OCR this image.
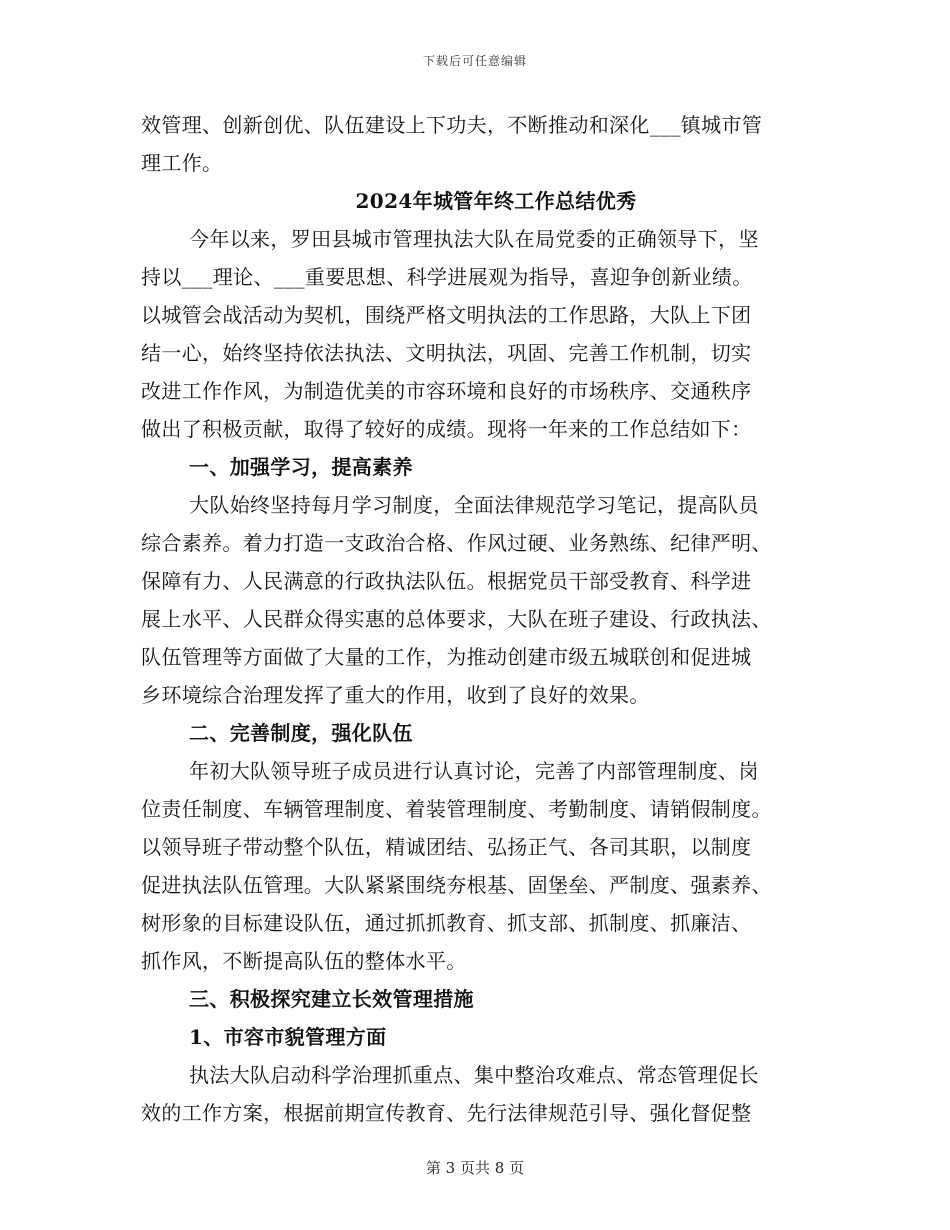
下载后可任意编辑
效管理、创新创优、队伍建设上下功夫，不断推动和深化___镇城市管
理工作。
2024年城管年终工作总结优秀
今年以来，罗田县城市管理执法大队在局党委的正确领导下，坚
持以___理论、___重要思想、科学进展观为指导，喜迎争创新业绩。
以城管会战活动为契机，围绕严格文明执法的工作思路，大队上下团
结一心，始终坚持依法执法、文明执法，巩固、完善工作机制，切实
改进工作作风，为制造优美的市容环境和良好的市场秩序、交通秩序
做出了积极贡献，取得了较好的成绩。现将一年来的工作总结如下：
一、加强学习，提高素养
大队始终坚持每月学习制度，全面法律规范学习笔记，提高队员
综合素养。着力打造一支政治合格、作风过硬、业务熟练、纪律严明、
保障有力、人民满意的行政执法队伍。根据党员干部受教育、科学进
展上水平、人民群众得实惠的总体要求，大队在班子建设、行政执法、
队伍管理等方面做了大量的工作，为推动创建市级五城联创和促进城
乡环境综合治理发挥了重大的作用，收到了良好的效果。
二、完善制度，强化队伍
年初大队领导班子成员进行认真讨论，完善了内部管理制度、岗
位责任制度、车辆管理制度、着装管理制度、考勤制度、请销假制度。
以领导班子带动整个队伍，精诚团结、弘扬正气、各司其职，以制度
促进执法队伍管理。大队紧紧围绕夯根基、固堡垒、严制度、强素养、
树形象的目标建设队伍，通过抓抓教育、抓支部、抓制度、抓廉洁、
抓作风，不断提高队伍的整体水平。
三、积极探究建立长效管理措施
1、市容市貌管理方面
执法大队启动科学治理抓重点、集中整治攻难点、常态管理促长
效的工作方案，根据前期宣传教育、先行法律规范引导、强化督促整
第 3 页共 8 页
